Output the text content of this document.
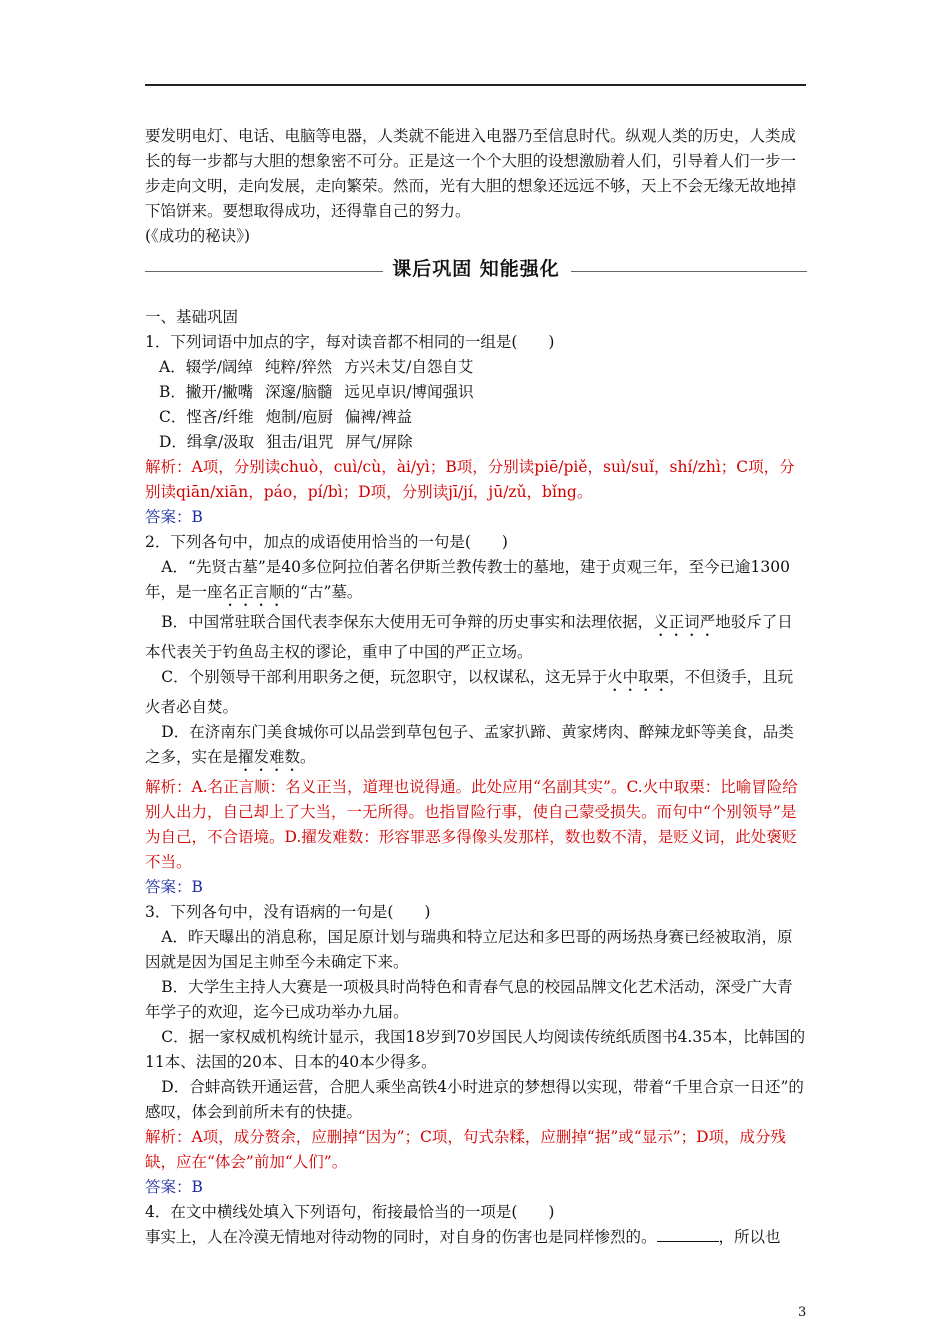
要发明电灯、电话、电脑等电器，人类就不能进入电器乃至信息时代。纵观人类的历史，人类成长的每一步都与大胆的想象密不可分。正是这一个个大胆的设想激励着人们，引导着人们一步一步走向文明，走向发展，走向繁荣。然而，光有大胆的想象还远远不够，天上不会无缘无故地掉下馅饼来。要想取得成功，还得靠自己的努力。

(《成功的秘诀》)

课后巩固 知能强化

一、基础巩固

1．下列词语中加点的字，每对读音都不相同的一组是(　　)

A．辍学/阔绰 纯粹/猝然 方兴未艾/自怨自艾

B．撇开/撇嘴 深邃/脑髓 远见卓识/博闻强识

C．悭吝/纤维 炮制/庖厨 偏裨/裨益

D．缉拿/汲取 狙击/诅咒 屏气/屏除

解析：A项，分别读chuò，cuì/cù，ài/yì；B项，分别读piē/piě，suì/suǐ，shí/zhì；C项，分别读qiān/xiān，páo，pí/bì；D项，分别读jī/jí，jū/zǔ，bǐng。

答案：B

2．下列各句中，加点的成语使用恰当的一句是(　　)

A．“先贤古墓”是40多位阿拉伯著名伊斯兰教传教士的墓地，建于贞观三年，至今已逾1300年，是一座名正言顺的“古”墓。

B．中国常驻联合国代表李保东大使用无可争辩的历史事实和法理依据，义正词严地驳斥了日本代表关于钓鱼岛主权的谬论，重申了中国的严正立场。

C．个别领导干部利用职务之便，玩忽职守，以权谋私，这无异于火中取栗，不但烫手，且玩火者必自焚。

D．在济南东门美食城你可以品尝到草包包子、孟家扒蹄、黄家烤肉、醉辣龙虾等美食，品类之多，实在是擢发难数。

解析：A.名正言顺：名义正当，道理也说得通。此处应用“名副其实”。C.火中取栗：比喻冒险给别人出力，自己却上了大当，一无所得。也指冒险行事，使自己蒙受损失。而句中“个别领导”是为自己，不合语境。D.擢发难数：形容罪恶多得像头发那样，数也数不清，是贬义词，此处褒贬不当。

答案：B

3．下列各句中，没有语病的一句是(　　)

A．昨天曝出的消息称，国足原计划与瑞典和特立尼达和多巴哥的两场热身赛已经被取消，原因就是因为国足主帅至今未确定下来。

B．大学生主持人大赛是一项极具时尚特色和青春气息的校园品牌文化艺术活动，深受广大青年学子的欢迎，迄今已成功举办九届。

C．据一家权威机构统计显示，我国18岁到70岁国民人均阅读传统纸质图书4.35本，比韩国的11本、法国的20本、日本的40本少得多。

D．合蚌高铁开通运营，合肥人乘坐高铁4小时进京的梦想得以实现，带着“千里合京一日还”的感叹，体会到前所未有的快捷。

解析：A项，成分赘余，应删掉“因为”；C项，句式杂糅，应删掉“据”或“显示”；D项，成分残缺，应在“体会”前加“人们”。

答案：B

4．在文中横线处填入下列语句，衔接最恰当的一项是(　　)

事实上，人在冷漠无情地对待动物的同时，对自身的伤害也是同样惨烈的。	，所以也

3
